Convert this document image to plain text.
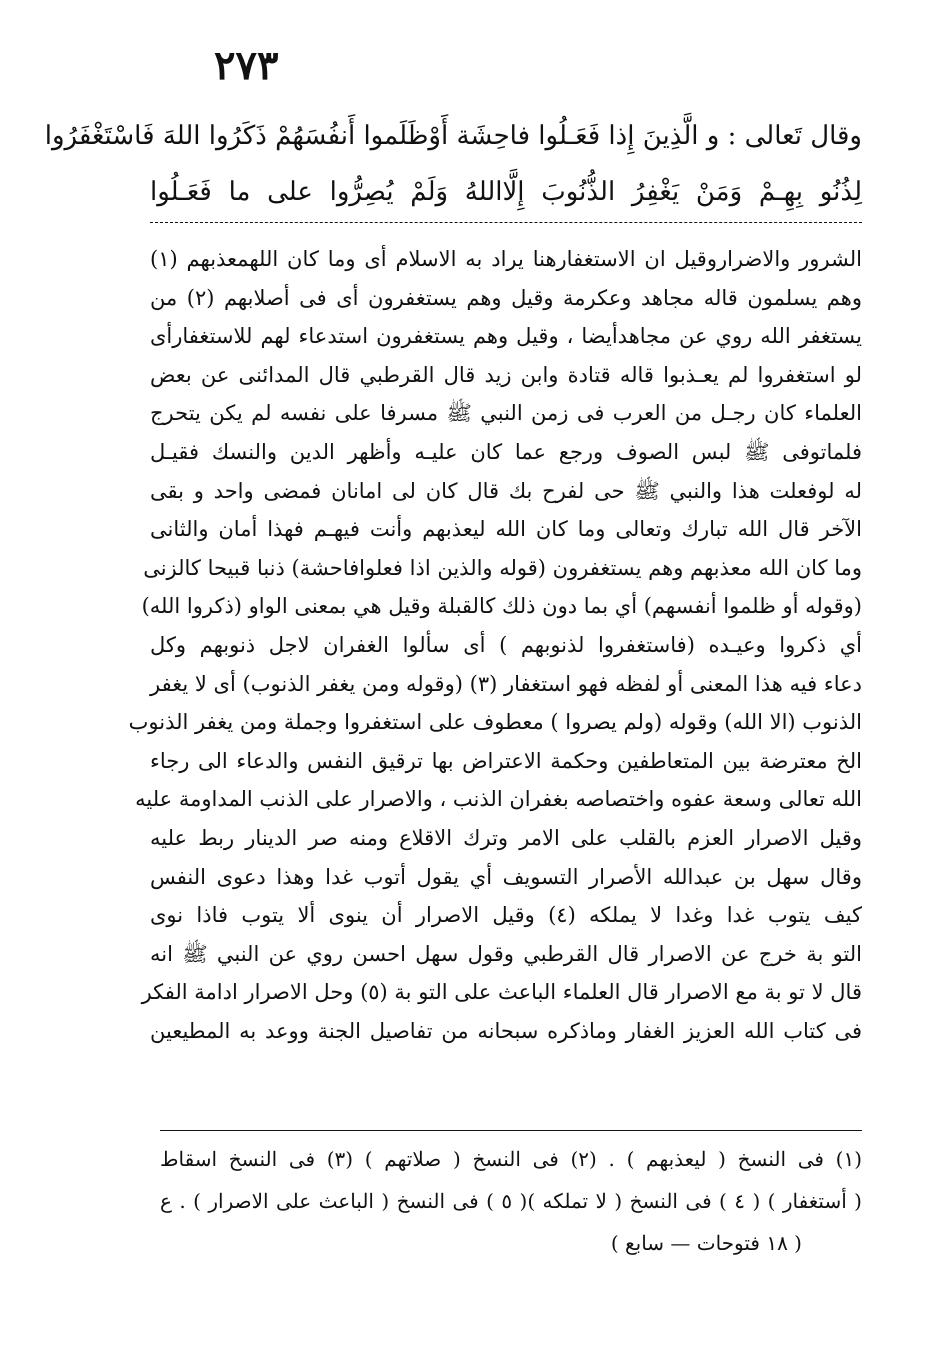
٢٧٣
وقال تَعالى : و الَّذِينَ إِذا فَعَـلُوا فاحِشَة أَوْظَلَموا أَنفُسَهُمْ ذَكَرُوا اللهَ فَاسْتَغْفَرُوا
لِذُنُو بِهِـمْ وَمَنْ يَغْفِرُ الذُّنُوبَ إِلَّااللهُ وَلَمْ يُصِرُّوا على ما فَعَـلُوا
الشرور والاضراروقيل ان الاستغفارهنا يراد به الاسلام أى وما كان اللهمعذبهم (١)
وهم يسلمون قاله مجاهد وعكرمة وقيل وهم يستغفرون أى فى أصلابهم (٢) من
يستغفر الله روي عن مجاهدأيضا ، وقيل وهم يستغفرون استدعاء لهم للاستغفارأى
لو استغفروا لم يعـذبوا قاله قتادة وابن زيد قال القرطبي قال المدائنى عن بعض
العلماء كان رجـل من العرب فى زمن النبي ﷺ مسرفا على نفسه لم يكن يتحرج
فلماتوفى ﷺ لبس الصوف ورجع عما كان عليـه وأظهر الدين والنسك فقيـل
له لوفعلت هذا والنبي ﷺ حى لفرح بك قال كان لى امانان فمضى واحد و بقى
الآخر قال الله تبارك وتعالى وما كان الله ليعذبهم وأنت فيهـم فهذا أمان والثانى
وما كان الله معذبهم وهم يستغفرون (قوله والذين اذا فعلوافاحشة) ذنبا قبيحا كالزنى
(وقوله أو ظلموا أنفسهم) أي بما دون ذلك كالقبلة وقيل هي بمعنى الواو (ذكروا الله)
أي ذكروا وعيـده (فاستغفروا لذنوبهم ) أى سألوا الغفران لاجل ذنوبهم وكل
دعاء فيه هذا المعنى أو لفظه فهو استغفار (٣) (وقوله ومن يغفر الذنوب) أى لا يغفر
الذنوب (الا الله) وقوله (ولم يصروا ) معطوف على استغفروا وجملة ومن يغفر الذنوب
الخ معترضة بين المتعاطفين وحكمة الاعتراض بها ترقيق النفس والدعاء الى رجاء
الله تعالى وسعة عفوه واختصاصه بغفران الذنب ، والاصرار على الذنب المداومة عليه
وقيل الاصرار العزم بالقلب على الامر وترك الاقلاع ومنه صر الدينار ربط عليه
وقال سهل بن عبدالله الأصرار التسويف أي يقول أتوب غدا وهذا دعوى النفس
كيف يتوب غدا وغدا لا يملكه (٤) وقيل الاصرار أن ينوى ألا يتوب فاذا نوى
التو بة خرج عن الاصرار قال القرطبي وقول سهل احسن روي عن النبي ﷺ انه
قال لا تو بة مع الاصرار قال العلماء الباعث على التو بة (٥) وحل الاصرار ادامة الفكر
فى كتاب الله العزيز الغفار وماذكره سبحانه من تفاصيل الجنة ووعد به المطيعين
(١) فى النسخ ( ليعذبهم ) . (٢) فى النسخ ( صلاتهم ) (٣) فى النسخ اسقاط
( أستغفار ) ( ٤ ) فى النسخ ( لا تملكه )( ٥ ) فى النسخ ( الباعث على الاصرار ) . ع
( ١٨ فتوحات — سابع )
